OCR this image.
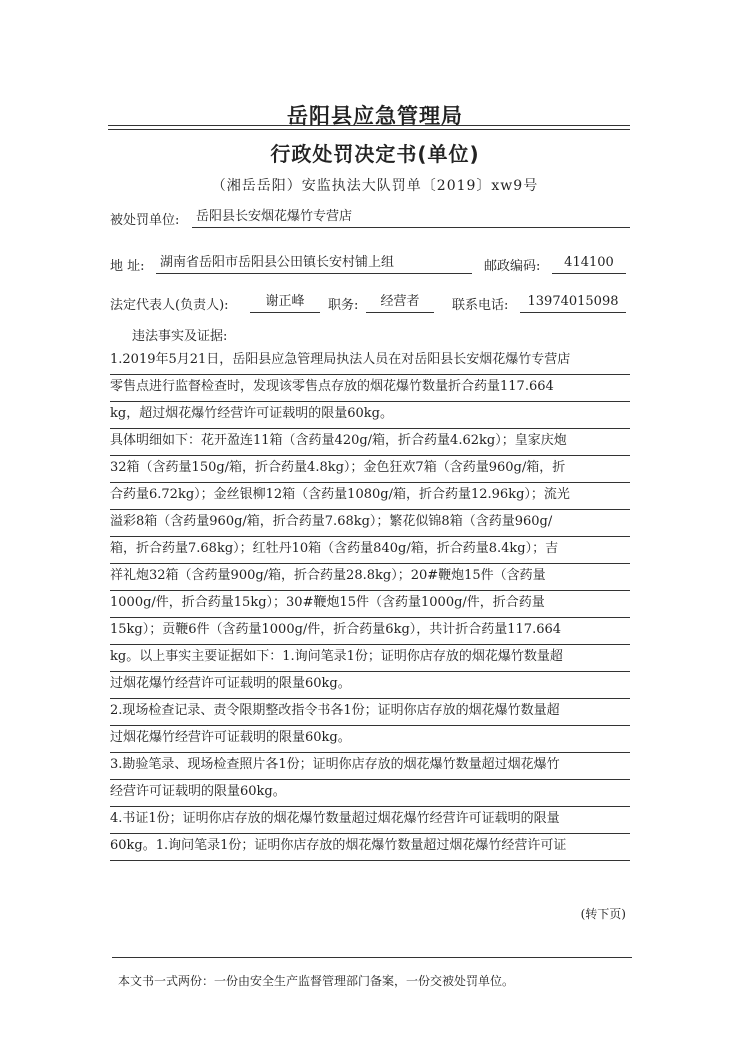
岳阳县应急管理局
行政处罚决定书(单位)
（湘岳岳阳）安监执法大队罚单〔2019〕xw9号
被处罚单位:	岳阳县长安烟花爆竹专营店
地 址:	湖南省岳阳市岳阳县公田镇长安村铺上组	邮政编码:	414100
法定代表人(负责人):	谢正峰	职务:	经营者	联系电话:	13974015098
违法事实及证据:
1.2019年5月21日，岳阳县应急管理局执法人员在对岳阳县长安烟花爆竹专营店
零售点进行监督检查时，发现该零售点存放的烟花爆竹数量折合药量117.664
kg，超过烟花爆竹经营许可证载明的限量60kg。
具体明细如下：花开盈连11箱（含药量420g/箱，折合药量4.62kg）；皇家庆炮
32箱（含药量150g/箱，折合药量4.8kg）；金色狂欢7箱（含药量960g/箱，折
合药量6.72kg）；金丝银柳12箱（含药量1080g/箱，折合药量12.96kg）；流光
溢彩8箱（含药量960g/箱，折合药量7.68kg）；繁花似锦8箱（含药量960g/
箱，折合药量7.68kg）；红牡丹10箱（含药量840g/箱，折合药量8.4kg）；吉
祥礼炮32箱（含药量900g/箱，折合药量28.8kg）；20#鞭炮15件（含药量
1000g/件，折合药量15kg）；30#鞭炮15件（含药量1000g/件，折合药量
15kg）；贡鞭6件（含药量1000g/件，折合药量6kg），共计折合药量117.664
kg。以上事实主要证据如下：1.询问笔录1份；证明你店存放的烟花爆竹数量超
过烟花爆竹经营许可证载明的限量60kg。
2.现场检查记录、责令限期整改指令书各1份；证明你店存放的烟花爆竹数量超
过烟花爆竹经营许可证载明的限量60kg。
3.勘验笔录、现场检查照片各1份；证明你店存放的烟花爆竹数量超过烟花爆竹
经营许可证载明的限量60kg。
4.书证1份；证明你店存放的烟花爆竹数量超过烟花爆竹经营许可证载明的限量
60kg。1.询问笔录1份；证明你店存放的烟花爆竹数量超过烟花爆竹经营许可证
(转下页)
本文书一式两份：一份由安全生产监督管理部门备案，一份交被处罚单位。
